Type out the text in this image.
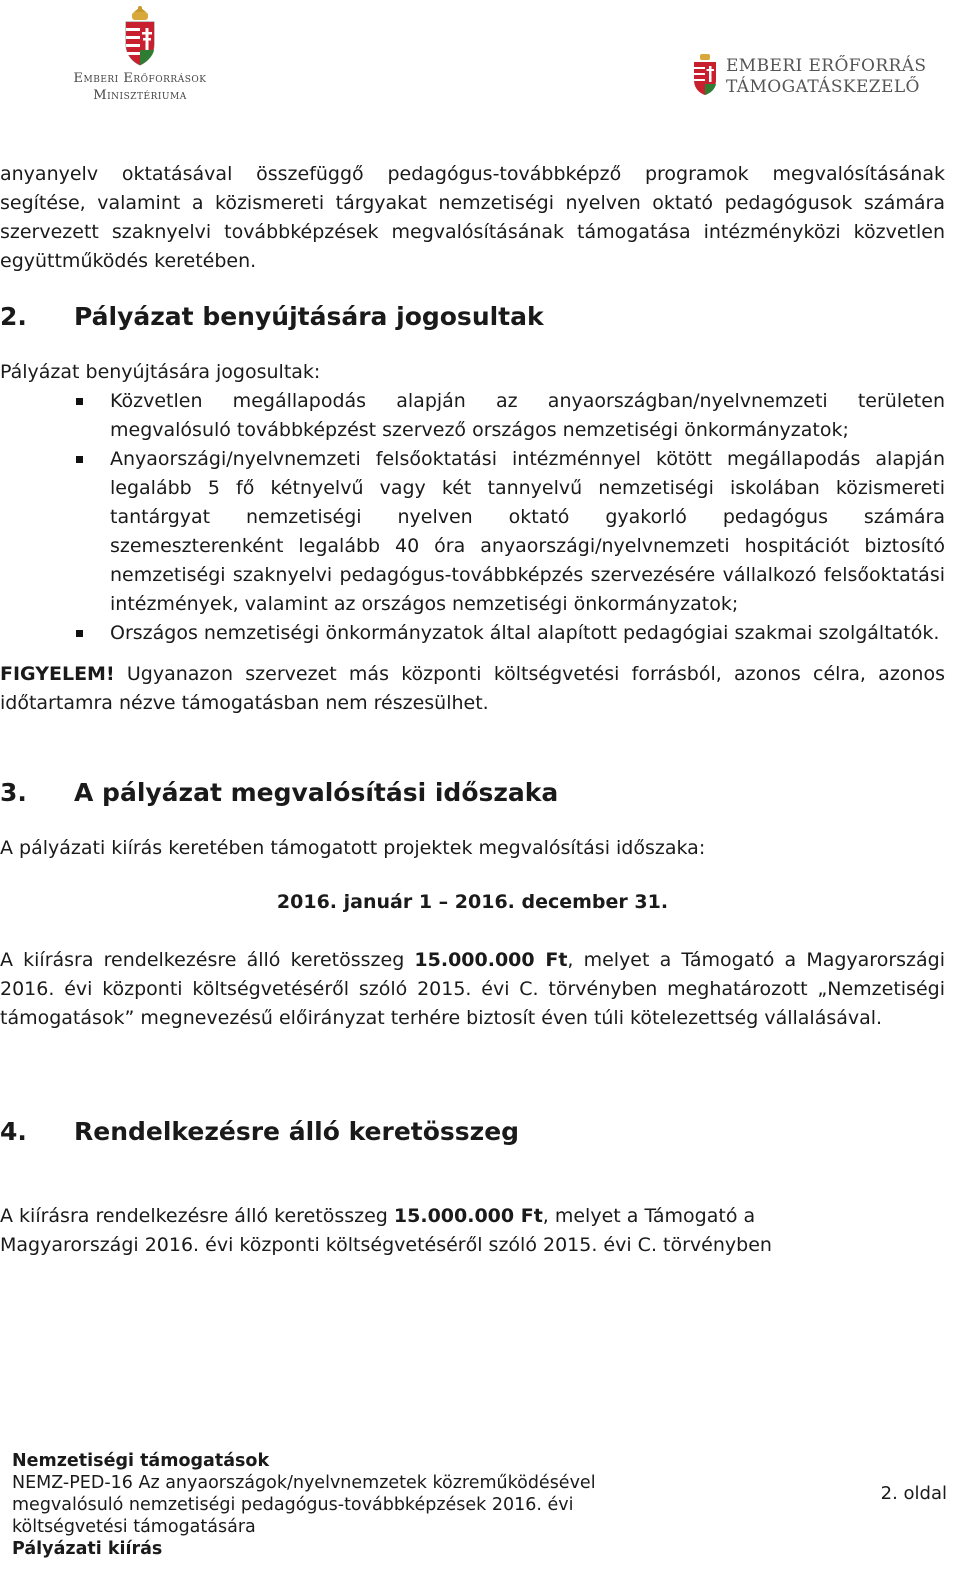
Emberi Erőforrások
Minisztériuma
EMBERI ERŐFORRÁS
TÁMOGATÁSKEZELŐ

anyanyelv oktatásával összefüggő pedagógus-továbbképző programok megvalósításának segítése, valamint a közismereti tárgyakat nemzetiségi nyelven oktató pedagógusok számára szervezett szaknyelvi továbbképzések megvalósításának támogatása intézményközi közvetlen együttműködés keretében.

2.	Pályázat benyújtására jogosultak

Pályázat benyújtására jogosultak:

Közvetlen megállapodás alapján az anyaországban/nyelvnemzeti területen megvalósuló továbbképzést szervező országos nemzetiségi önkormányzatok;
Anyaországi/nyelvnemzeti felsőoktatási intézménnyel kötött megállapodás alapján legalább 5 fő kétnyelvű vagy két tannyelvű nemzetiségi iskolában közismereti tantárgyat nemzetiségi nyelven oktató gyakorló pedagógus számára szemeszterenként legalább 40 óra anyaországi/nyelvnemzeti hospitációt biztosító nemzetiségi szaknyelvi pedagógus-továbbképzés szervezésére vállalkozó felsőoktatási intézmények, valamint az országos nemzetiségi önkormányzatok;
Országos nemzetiségi önkormányzatok által alapított pedagógiai szakmai szolgáltatók.

FIGYELEM! Ugyanazon szervezet más központi költségvetési forrásból, azonos célra, azonos időtartamra nézve támogatásban nem részesülhet.

3.	A pályázat megvalósítási időszaka

A pályázati kiírás keretében támogatott projektek megvalósítási időszaka:

2016. január 1 – 2016. december 31.

A kiírásra rendelkezésre álló keretösszeg 15.000.000 Ft, melyet a Támogató a Magyarországi 2016. évi központi költségvetéséről szóló 2015. évi C. törvényben meghatározott „Nemzetiségi támogatások” megnevezésű előirányzat terhére biztosít éven túli kötelezettség vállalásával.

4.	Rendelkezésre álló keretösszeg

A kiírásra rendelkezésre álló keretösszeg 15.000.000 Ft, melyet a Támogató a
Magyarországi 2016. évi központi költségvetéséről szóló 2015. évi C. törvényben

Nemzetiségi támogatások
NEMZ-PED-16 Az anyaországok/nyelvnemzetek közreműködésével
megvalósuló nemzetiségi pedagógus-továbbképzések 2016. évi
költségvetési támogatására
Pályázati kiírás
2. oldal
